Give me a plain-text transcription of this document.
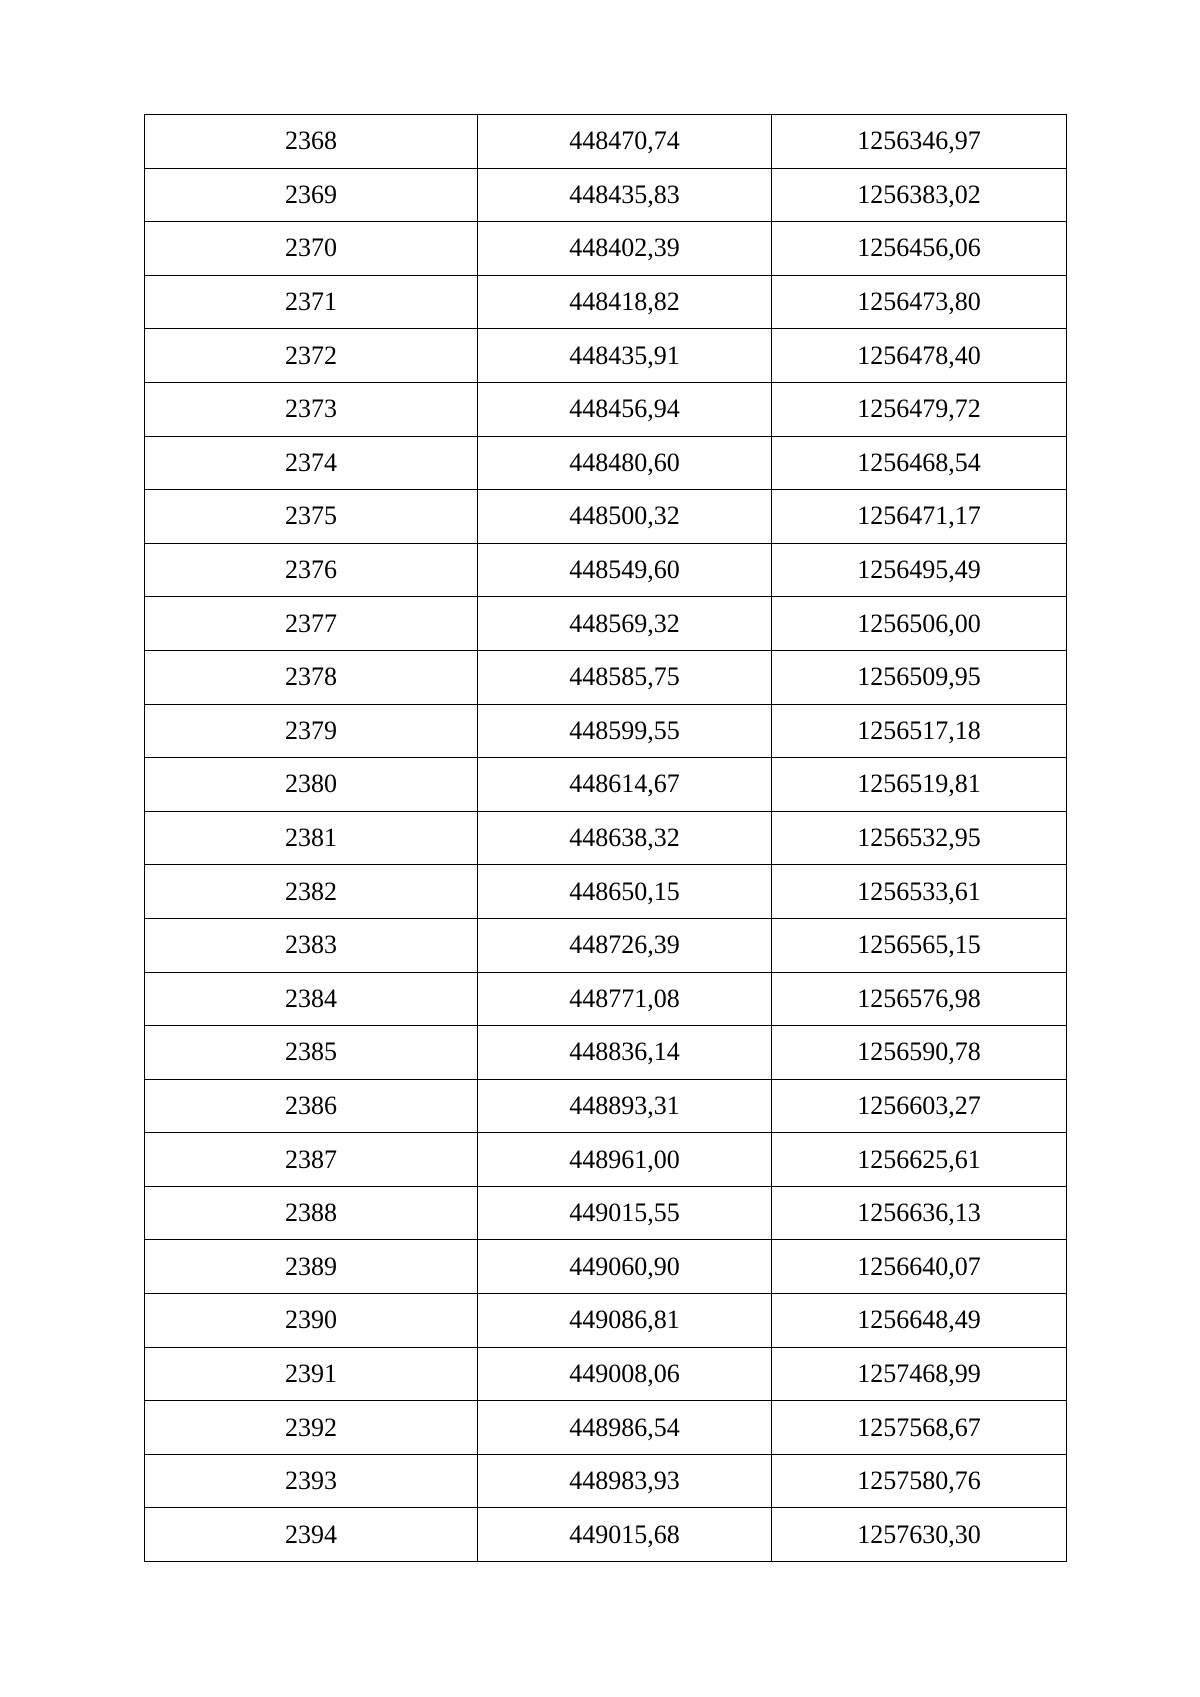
2368	448470,74	1256346,97
2369	448435,83	1256383,02
2370	448402,39	1256456,06
2371	448418,82	1256473,80
2372	448435,91	1256478,40
2373	448456,94	1256479,72
2374	448480,60	1256468,54
2375	448500,32	1256471,17
2376	448549,60	1256495,49
2377	448569,32	1256506,00
2378	448585,75	1256509,95
2379	448599,55	1256517,18
2380	448614,67	1256519,81
2381	448638,32	1256532,95
2382	448650,15	1256533,61
2383	448726,39	1256565,15
2384	448771,08	1256576,98
2385	448836,14	1256590,78
2386	448893,31	1256603,27
2387	448961,00	1256625,61
2388	449015,55	1256636,13
2389	449060,90	1256640,07
2390	449086,81	1256648,49
2391	449008,06	1257468,99
2392	448986,54	1257568,67
2393	448983,93	1257580,76
2394	449015,68	1257630,30
